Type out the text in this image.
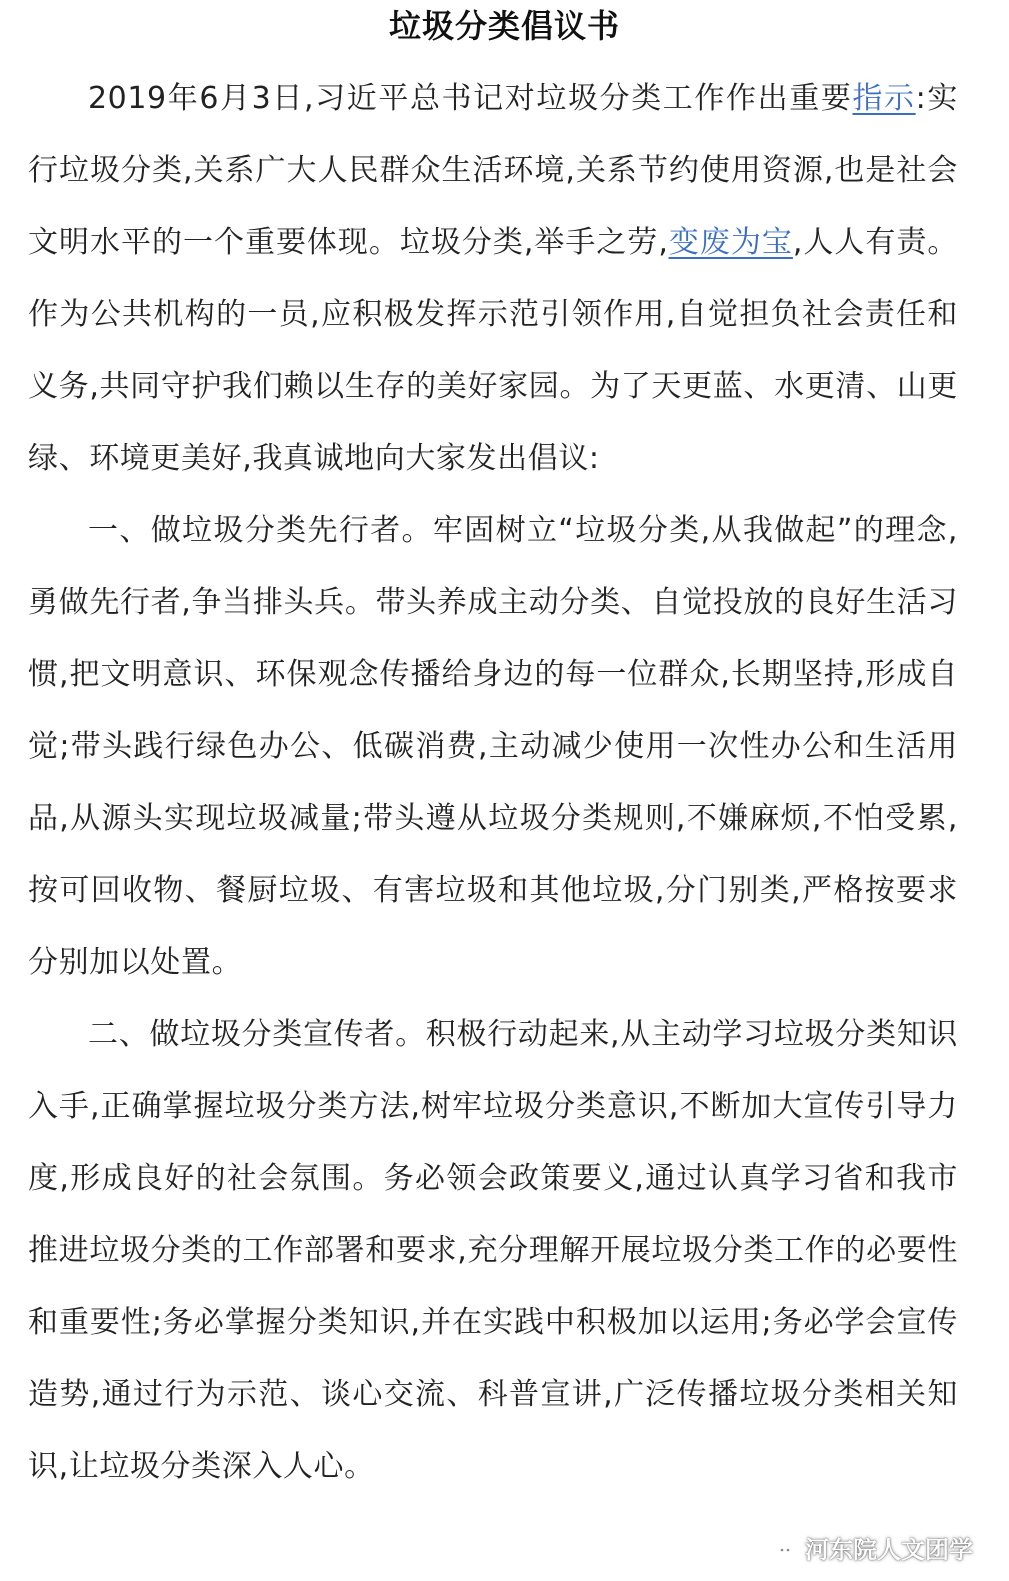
垃圾分类倡议书

2019年6月3日,习近平总书记对垃圾分类工作作出重要指示:实行垃圾分类,关系广大人民群众生活环境,关系节约使用资源,也是社会文明水平的一个重要体现。垃圾分类,举手之劳,变废为宝,人人有责。作为公共机构的一员,应积极发挥示范引领作用,自觉担负社会责任和义务,共同守护我们赖以生存的美好家园。为了天更蓝、水更清、山更绿、环境更美好,我真诚地向大家发出倡议:

一、做垃圾分类先行者。牢固树立“垃圾分类,从我做起”的理念,勇做先行者,争当排头兵。带头养成主动分类、自觉投放的良好生活习惯,把文明意识、环保观念传播给身边的每一位群众,长期坚持,形成自觉;带头践行绿色办公、低碳消费,主动减少使用一次性办公和生活用品,从源头实现垃圾减量;带头遵从垃圾分类规则,不嫌麻烦,不怕受累,按可回收物、餐厨垃圾、有害垃圾和其他垃圾,分门别类,严格按要求分别加以处置。

二、做垃圾分类宣传者。积极行动起来,从主动学习垃圾分类知识入手,正确掌握垃圾分类方法,树牢垃圾分类意识,不断加大宣传引导力度,形成良好的社会氛围。务必领会政策要义,通过认真学习省和我市推进垃圾分类的工作部署和要求,充分理解开展垃圾分类工作的必要性和重要性;务必掌握分类知识,并在实践中积极加以运用;务必学会宣传造势,通过行为示范、谈心交流、科普宣讲,广泛传播垃圾分类相关知识,让垃圾分类深入人心。

河东院人文团学
